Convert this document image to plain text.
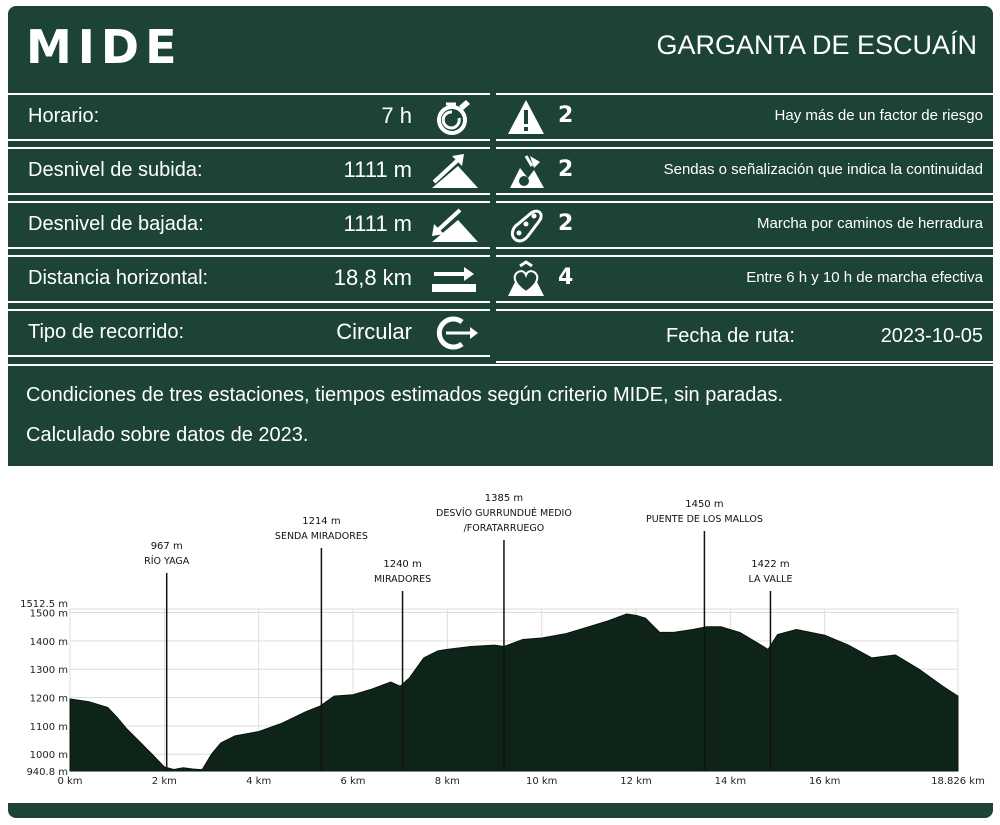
MIDE	GARGANTA DE ESCUAÍN
Horario:	7 h
Desnivel de subida:	1111 m
Desnivel de bajada:	1111 m
Distancia horizontal:	18,8 km
Tipo de recorrido:	Circular
2	Hay más de un factor de riesgo
2	Sendas o señalización que indica la continuidad
2	Marcha por caminos de herradura
4	Entre 6 h y 10 h de marcha efectiva
Fecha de ruta:	2023-10-05
Condiciones de tres estaciones, tiempos estimados según criterio MIDE, sin paradas.
Calculado sobre datos de 2023.
940.8 m
1000 m
1100 m
1200 m
1300 m
1400 m
1500 m
1512.5 m
0 km	2 km	4 km	6 km	8 km	10 km	12 km	14 km	16 km	18.826 km
967 m
RÍO YAGA
1214 m
SENDA MIRADORES
1240 m
MIRADORES
1385 m
DESVÍO GURRUNDUÉ MEDIO
/FORATARRUEGO
1450 m
PUENTE DE LOS MALLOS
1422 m
LA VALLE
